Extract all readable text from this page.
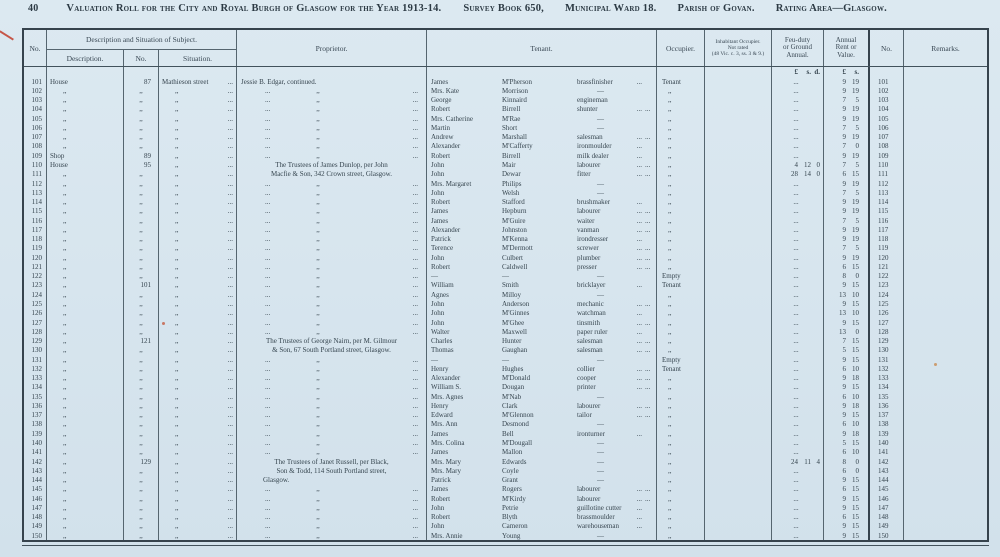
40	Valuation Roll for the City and Royal Burgh of Glasgow for the Year 1913-14. Survey Book 650, Municipal Ward 18. Parish of Govan. Rating Area—Glasgow.
No.
Description and Situation of Subject.
Description.	No.	Situation.
Proprietor.	Tenant.	Occupier.
Inhabitant Occupier.
Not rated
(48 Vic. c. 3, ss. 3 & 9.)
Feu-duty
or Ground
Annual.
Annual
Rent or
Value.
No.	Remarks.
£	s. d.	£	s.
101	House	87	Mathieson street	...	Jessie B. Edgar, continued.	James	M'Pherson	brassfinisher	...	Tenant	...	9 19	101
102	,,	,,	,,	...	...	,,	...	Mrs. Kate	Morrison	—	,,	...	9 19	102
103	,,	,,	,,	...	...	,,	...	George	Kinnaird	engineman	,,	...	7	5	103
104	,,	,,	,,	...	...	,,	...	Robert	Birrell	shunter	... ...	,,	...	9 19	104
105	,,	,,	,,	...	...	,,	...	Mrs. Catherine	M'Rae	—	,,	...	9 19	105
106	,,	,,	,,	...	...	,,	...	Martin	Short	—	,,	...	7	5	106
107	,,	,,	,,	...	...	,,	...	Andrew	Marshall	salesman	... ...	,,	...	9 19	107
108	,,	,,	,,	...	...	,,	...	Alexander	M'Cafferty	ironmoulder	...	,,	...	7	0	108
109	Shop	89	,,	...	...	,,	...	Robert	Birrell	milk dealer	...	,,	...	9 19	109
110	House	95	,,	...	The Trustees of James Dunlop, per John	John	Mair	labourer	... ...	,,	4 12 0	7	5	110
111	,,	,,	,,	...	Macfie & Son, 342 Crown street, Glasgow.	John	Dewar	fitter	... ...	,,	28 14 0	6 15	111
112	,,	,,	,,	...	...	,,	...	Mrs. Margaret	Philips	—	,,	...	9 19	112
113	,,	,,	,,	...	...	,,	...	John	Welsh	—	,,	...	7	5	113
114	,,	,,	,,	...	...	,,	...	Robert	Stafford	brushmaker	...	,,	...	9 19	114
115	,,	,,	,,	...	...	,,	...	James	Hepburn	labourer	... ...	,,	...	9 19	115
116	,,	,,	,,	...	...	,,	...	James	M'Guire	waiter	... ...	,,	...	7	5	116
117	,,	,,	,,	...	...	,,	...	Alexander	Johnston	vanman	... ...	,,	...	9 19	117
118	,,	,,	,,	...	...	,,	...	Patrick	M'Kenna	irondresser	...	,,	...	9 19	118
119	,,	,,	,,	...	...	,,	...	Terence	M'Dermott	screwer	... ...	,,	...	7	5	119
120	,,	,,	,,	...	...	,,	...	John	Culbert	plumber	... ...	,,	...	9 19	120
121	,,	,,	,,	...	...	,,	...	Robert	Caldwell	presser	... ...	,,	...	6 15	121
122	,,	,,	,,	...	...	,,	...	—	—	—	Empty	...	8	0	122
123	,,	101	,,	...	...	,,	...	William	Smith	bricklayer	...	Tenant	...	9 15	123
124	,,	,,	,,	...	...	,,	...	Agnes	Milloy	—	,,	...	13 10	124
125	,,	,,	,,	...	...	,,	...	John	Anderson	mechanic	... ...	,,	...	9 15	125
126	,,	,,	,,	...	...	,,	...	John	M'Ginnes	watchman	...	,,	...	13 10	126
127	,,	,,	,,	...	...	,,	...	John	M'Ghee	tinsmith	... ...	,,	...	9 15	127
128	,,	,,	,,	...	...	,,	...	Walter	Maxwell	paper ruler	...	,,	...	13	0	128
129	,,	121	,,	...	The Trustees of George Nairn, per M. Gilmour	Charles	Hunter	salesman	... ...	,,	...	7 15	129
130	,,	,,	,,	...	& Son, 67 South Portland street, Glasgow.	Thomas	Gaughan	salesman	... ...	,,	...	5 15	130
131	,,	,,	,,	...	...	,,	...	—	—	—	Empty	...	9 15	131
132	,,	,,	,,	...	...	,,	...	Henry	Hughes	collier	... ...	Tenant	...	6 10	132
133	,,	,,	,,	...	...	,,	...	Alexander	M'Donald	cooper	... ...	,,	...	9 18	133
134	,,	,,	,,	...	...	,,	...	William S.	Dougan	printer	... ...	,,	...	9 15	134
135	,,	,,	,,	...	...	,,	...	Mrs. Agnes	M'Nab	—	,,	...	6 10	135
136	,,	,,	,,	...	...	,,	...	Henry	Clark	labourer	... ...	,,	...	9 18	136
137	,,	,,	,,	...	...	,,	...	Edward	M'Glennon	tailor	... ...	,,	...	9 15	137
138	,,	,,	,,	...	...	,,	...	Mrs. Ann	Desmond	—	,,	...	6 10	138
139	,,	,,	,,	...	...	,,	...	James	Bell	ironturner	...	,,	...	9 18	139
140	,,	,,	,,	...	...	,,	...	Mrs. Colina	M'Dougall	—	,,	...	5 15	140
141	,,	,,	,,	...	...	,,	...	James	Mallon	—	,,	...	6 10	141
142	,,	129	,,	...	The Trustees of Janet Russell, per Black,	Mrs. Mary	Edwards	—	,,	24 11 4	8	0	142
143	,,	,,	,,	...	Son & Todd, 114 South Portland street,	Mrs. Mary	Coyle	—	,,	...	6	0	143
144	,,	,,	,,	...	Glasgow.	Patrick	Grant	—	,,	...	9 15	144
145	,,	,,	,,	...	...	,,	...	James	Rogers	labourer	... ...	,,	...	6 15	145
146	,,	,,	,,	...	...	,,	...	Robert	M'Kirdy	labourer	... ...	,,	...	9 15	146
147	,,	,,	,,	...	...	,,	...	John	Petrie	guillotine cutter ...	,,	...	9 15	147
148	,,	,,	,,	...	...	,,	...	Robert	Blyth	brassmoulder	...	,,	...	6 15	148
149	,,	,,	,,	...	...	,,	...	John	Cameron	warehouseman	...	,,	...	9 15	149
150	,,	,,	,,	...	...	,,	...	Mrs. Annie	Young	—	,,	...	9 15	150
